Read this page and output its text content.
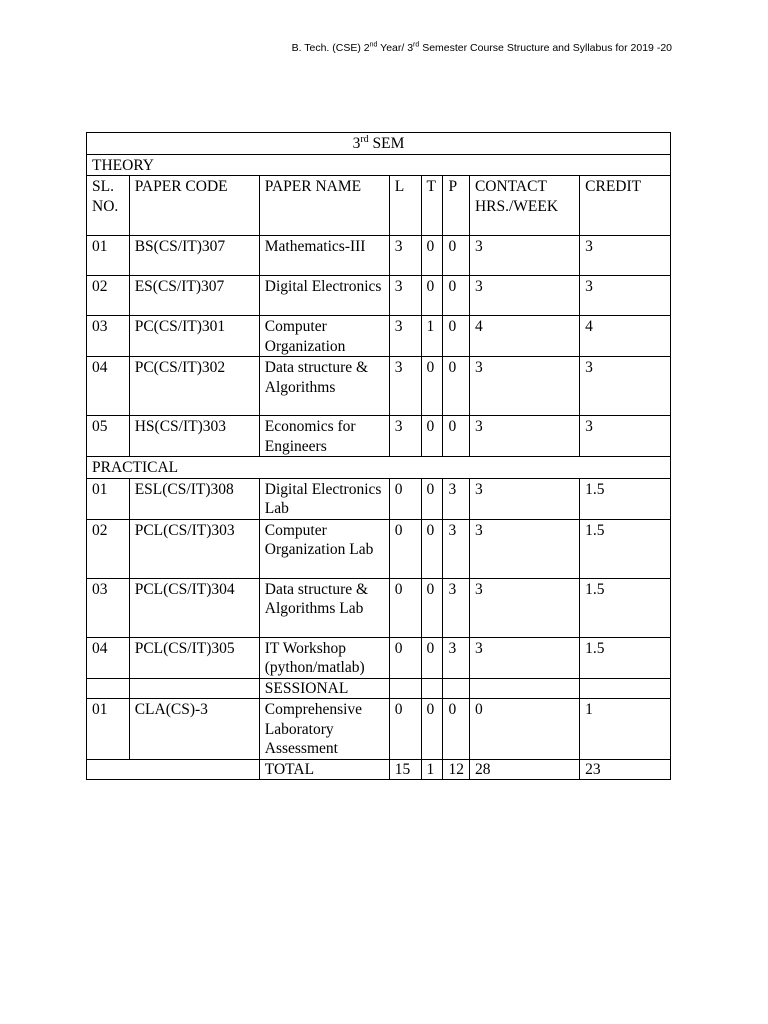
B. Tech. (CSE) 2nd Year/ 3rd Semester Course Structure and Syllabus for 2019 -20
3rd SEM							
THEORY							
SL. NO.	PAPER CODE	PAPER NAME	L	T	P	CONTACT HRS./WEEK	CREDIT
01	BS(CS/IT)307	Mathematics-III	3	0	0	3	3
02	ES(CS/IT)307	Digital Electronics	3	0	0	3	3
03	PC(CS/IT)301	Computer Organization	3	1	0	4	4
04	PC(CS/IT)302	Data structure & Algorithms	3	0	0	3	3
05	HS(CS/IT)303	Economics for Engineers	3	0	0	3	3
PRACTICAL							
01	ESL(CS/IT)308	Digital Electronics Lab	0	0	3	3	1.5
02	PCL(CS/IT)303	Computer Organization Lab	0	0	3	3	1.5
03	PCL(CS/IT)304	Data structure & Algorithms Lab	0	0	3	3	1.5
04	PCL(CS/IT)305	IT Workshop (python/matlab)	0	0	3	3	1.5
		SESSIONAL					
01	CLA(CS)-3	Comprehensive Laboratory Assessment	0	0	0	0	1
		TOTAL	15	1	12	28	23
